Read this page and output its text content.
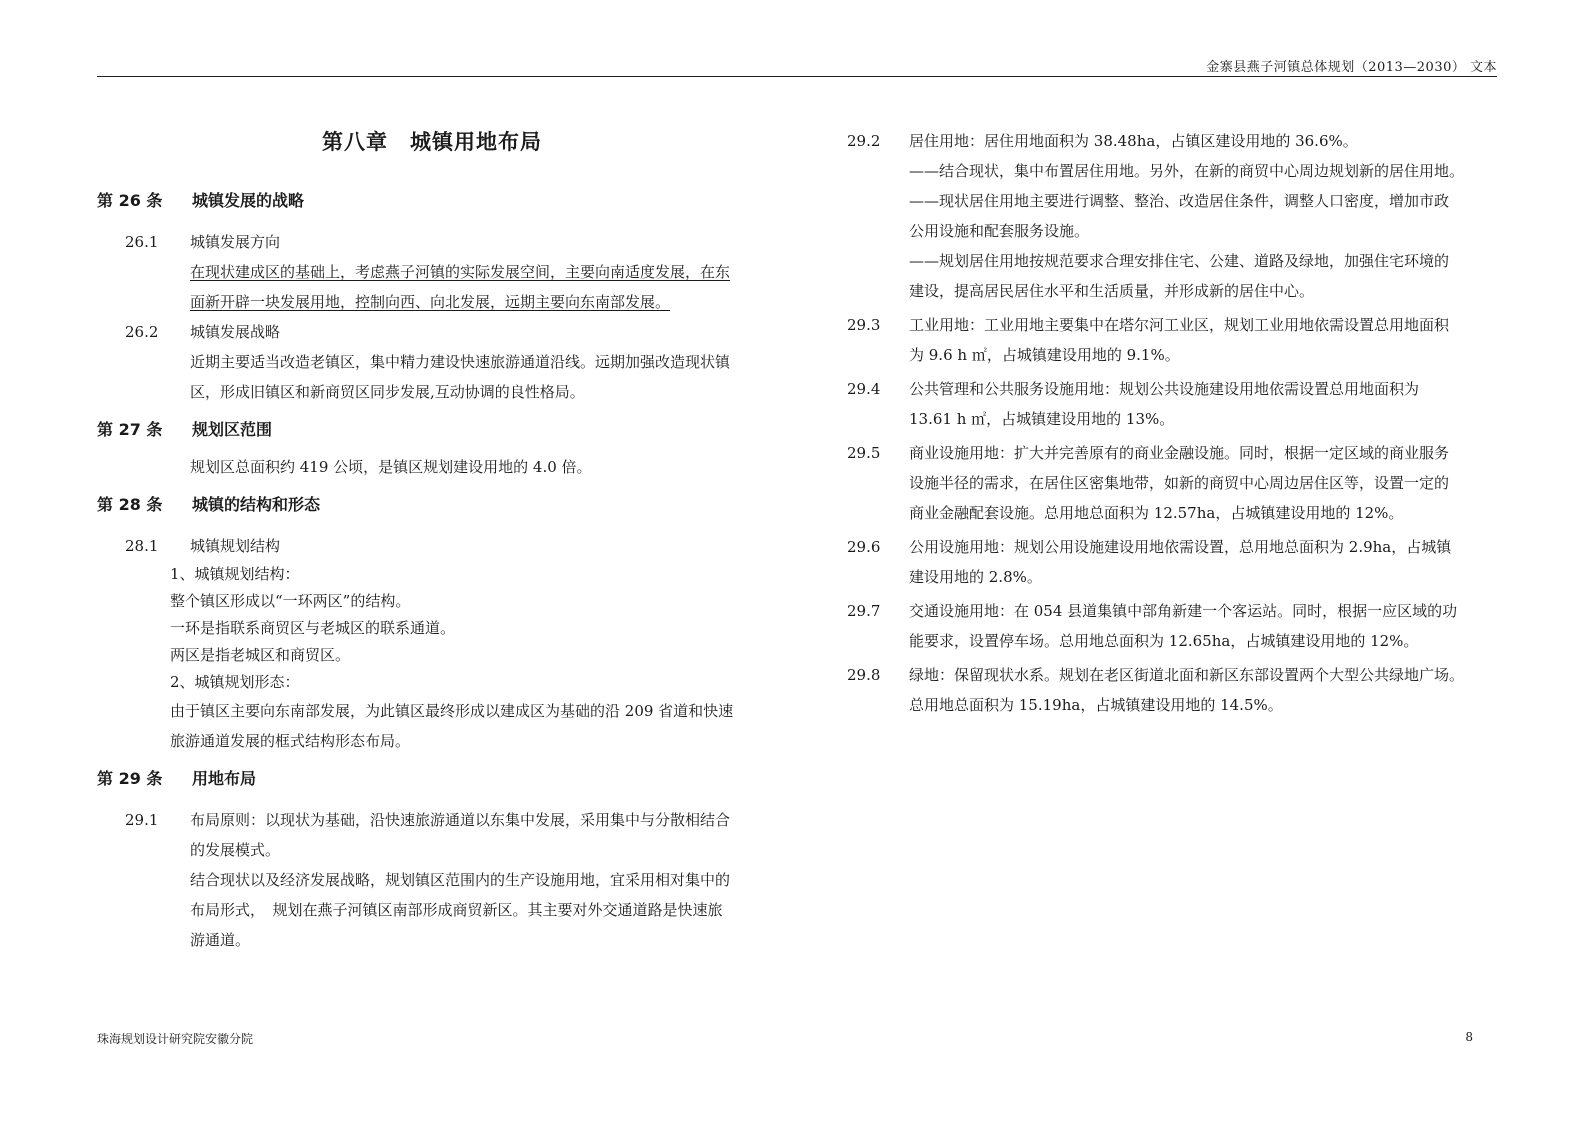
金寨县燕子河镇总体规划（2013—2030） 文本
第八章　城镇用地布局
第 26 条	城镇发展的战略
26.1	城镇发展方向
在现状建成区的基础上，考虑燕子河镇的实际发展空间，主要向南适度发展，在东
面新开辟一块发展用地，控制向西、向北发展，远期主要向东南部发展。
26.2	城镇发展战略
近期主要适当改造老镇区，集中精力建设快速旅游通道沿线。远期加强改造现状镇
区，形成旧镇区和新商贸区同步发展,互动协调的良性格局。
第 27 条	规划区范围
规划区总面积约 419 公顷，是镇区规划建设用地的 4.0 倍。
第 28 条	城镇的结构和形态
28.1	城镇规划结构
1、城镇规划结构：
整个镇区形成以“一环两区”的结构。
一环是指联系商贸区与老城区的联系通道。
两区是指老城区和商贸区。
2、城镇规划形态：
由于镇区主要向东南部发展，为此镇区最终形成以建成区为基础的沿 209 省道和快速
旅游通道发展的框式结构形态布局。
第 29 条	用地布局
29.1	布局原则：以现状为基础，沿快速旅游通道以东集中发展，采用集中与分散相结合
的发展模式。
结合现状以及经济发展战略，规划镇区范围内的生产设施用地，宜采用相对集中的
布局形式，　规划在燕子河镇区南部形成商贸新区。其主要对外交通道路是快速旅
游通道。
29.2	居住用地：居住用地面积为 38.48ha，占镇区建设用地的 36.6%。
——结合现状，集中布置居住用地。另外，在新的商贸中心周边规划新的居住用地。
——现状居住用地主要进行调整、整治、改造居住条件，调整人口密度，增加市政
公用设施和配套服务设施。
——规划居住用地按规范要求合理安排住宅、公建、道路及绿地，加强住宅环境的
建设，提高居民居住水平和生活质量，并形成新的居住中心。
29.3	工业用地：工业用地主要集中在塔尔河工业区，规划工业用地依需设置总用地面积
为 9.6 h ㎡，占城镇建设用地的 9.1%。
29.4	公共管理和公共服务设施用地：规划公共设施建设用地依需设置总用地面积为
13.61 h ㎡，占城镇建设用地的 13%。
29.5	商业设施用地：扩大并完善原有的商业金融设施。同时，根据一定区域的商业服务
设施半径的需求，在居住区密集地带，如新的商贸中心周边居住区等，设置一定的
商业金融配套设施。总用地总面积为 12.57ha，占城镇建设用地的 12%。
29.6	公用设施用地：规划公用设施建设用地依需设置，总用地总面积为 2.9ha，占城镇
建设用地的 2.8%。
29.7	交通设施用地：在 054 县道集镇中部角新建一个客运站。同时，根据一应区域的功
能要求，设置停车场。总用地总面积为 12.65ha，占城镇建设用地的 12%。
29.8	绿地：保留现状水系。规划在老区街道北面和新区东部设置两个大型公共绿地广场。
总用地总面积为 15.19ha，占城镇建设用地的 14.5%。
珠海规划设计研究院安徽分院	8
